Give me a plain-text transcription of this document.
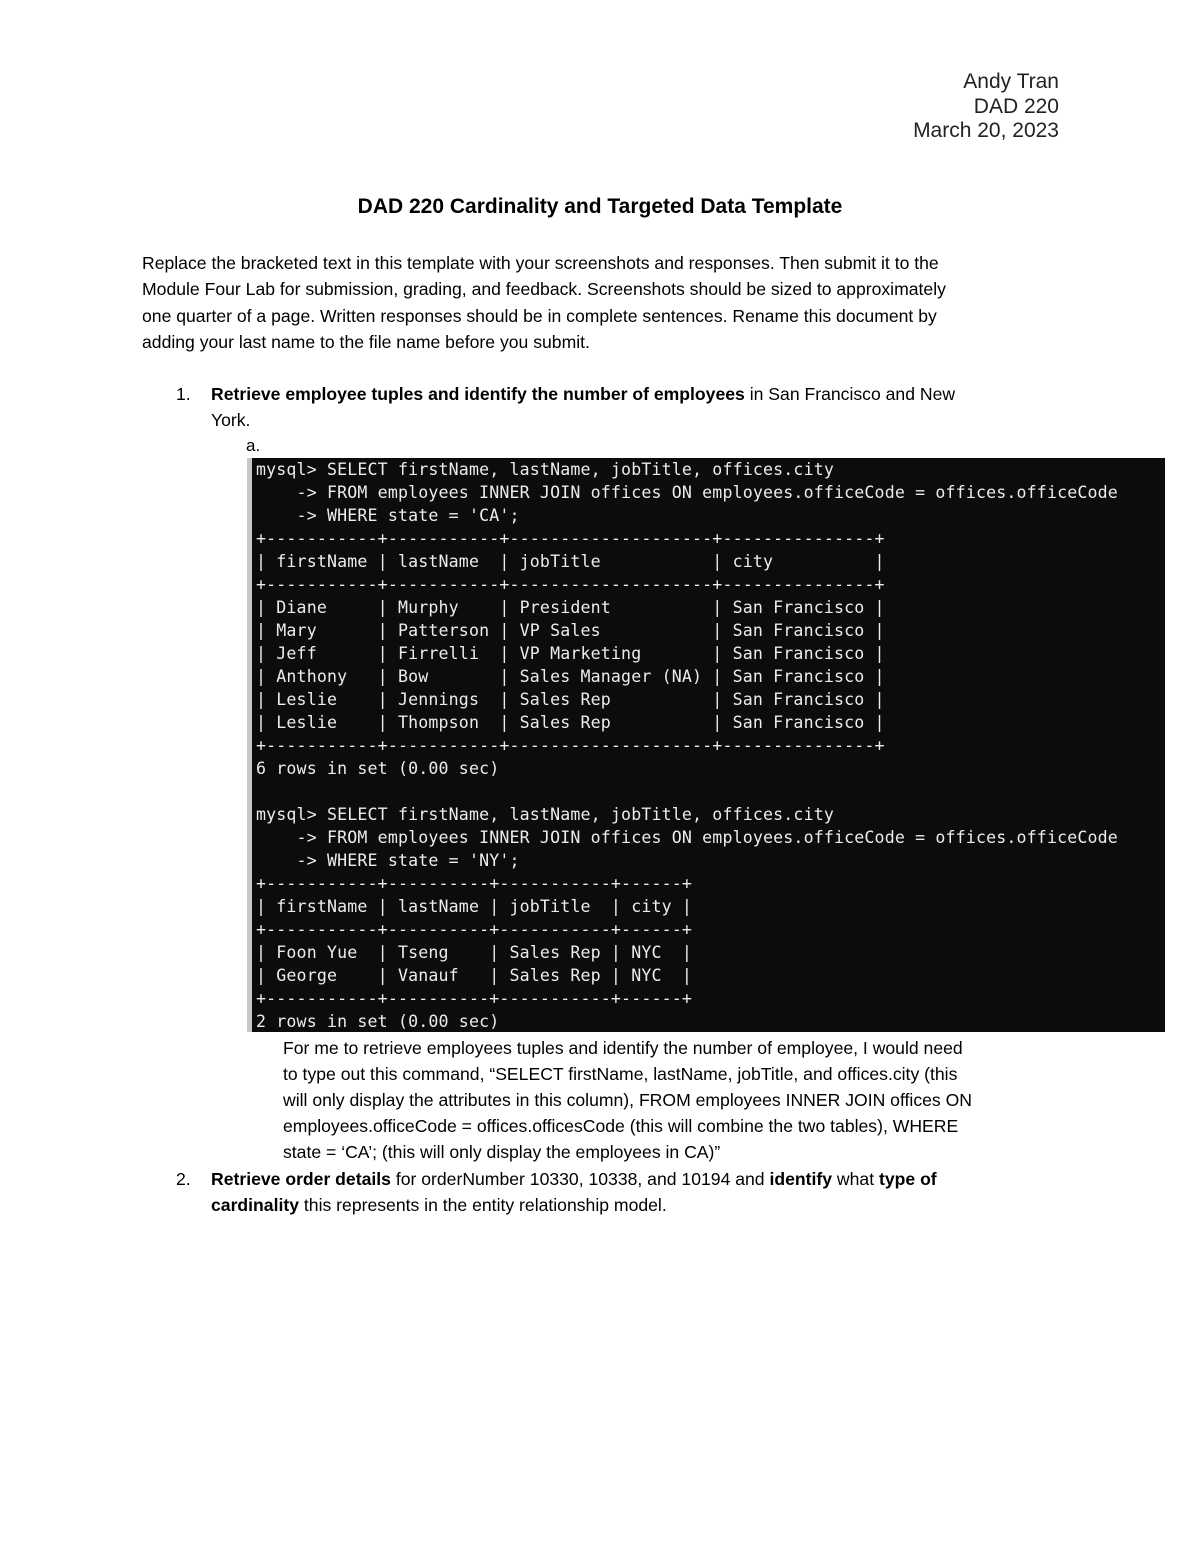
Andy Tran
DAD 220
March 20, 2023
DAD 220 Cardinality and Targeted Data Template

Replace the bracketed text in this template with your screenshots and responses. Then submit it to the

Module Four Lab for submission, grading, and feedback. Screenshots should be sized to approximately

one quarter of a page. Written responses should be in complete sentences. Rename this document by

adding your last name to the file name before you submit.

1. Retrieve employee tuples and identify the number of employees in San Francisco and New
York.
a.
mysql> SELECT firstName, lastName, jobTitle, offices.city
-> FROM employees INNER JOIN offices ON employees.officeCode = offices.officeCode
-> WHERE state = 'CA';
+-----------+-----------+--------------------+---------------+
| firstName | lastName  | jobTitle           | city          |
+-----------+-----------+--------------------+---------------+
| Diane     | Murphy    | President          | San Francisco |
| Mary      | Patterson | VP Sales           | San Francisco |
| Jeff      | Firrelli  | VP Marketing       | San Francisco |
| Anthony   | Bow       | Sales Manager (NA) | San Francisco |
| Leslie    | Jennings  | Sales Rep          | San Francisco |
| Leslie    | Thompson  | Sales Rep          | San Francisco |
+-----------+-----------+--------------------+---------------+
6 rows in set (0.00 sec)

mysql> SELECT firstName, lastName, jobTitle, offices.city
-> FROM employees INNER JOIN offices ON employees.officeCode = offices.officeCode
-> WHERE state = 'NY';
+-----------+----------+-----------+------+
| firstName | lastName | jobTitle  | city |
+-----------+----------+-----------+------+
| Foon Yue  | Tseng    | Sales Rep | NYC  |
| George    | Vanauf   | Sales Rep | NYC  |
+-----------+----------+-----------+------+
2 rows in set (0.00 sec)
For me to retrieve employees tuples and identify the number of employee, I would need
to type out this command, “SELECT firstName, lastName, jobTitle, and offices.city (this
will only display the attributes in this column), FROM employees INNER JOIN offices ON
employees.officeCode = offices.officesCode (this will combine the two tables), WHERE
state = ‘CA’; (this will only display the employees in CA)”
2. Retrieve order details for orderNumber 10330, 10338, and 10194 and identify what type of
cardinality this represents in the entity relationship model.
